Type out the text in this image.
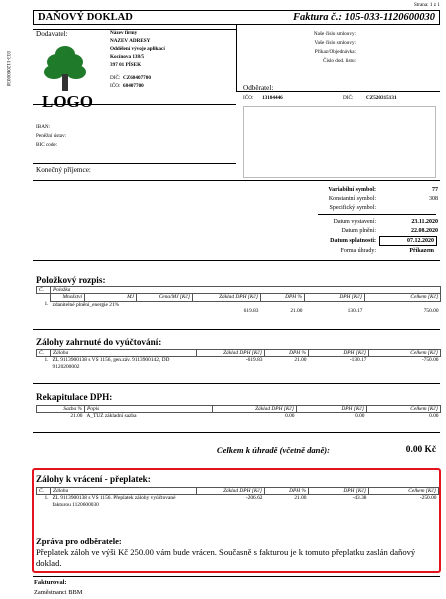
Strana: 1 z 1
033-1120600030
DAŇOVÝ DOKLAD	Faktura č.: 105-033-1120600030
Dodavatel:
LOGO
Název firmy
NAZEV ADRESY
Oddělení vývoje aplikací
Kocínova 138/5
397 01 PÍSEK
DIČ: CZ68407700
IČO: 68407700
Naše číslo smlouvy:
Vaše číslo smlouvy:
Příkaz/Objednávka:
Číslo dod. listu:
Odběratel:
IČO: 13104446	DIČ: CZ520315131
IBAN:
Peněžní ústav:
BIC code:
Konečný příjemce:
Variabilní symbol:	77
Konstantní symbol:	308
Specifický symbol:
Datum vystavení:	23.11.2020
Datum plnění:	22.08.2020
Datum splatnosti:	07.12.2020
Forma úhrady:	Příkazem
Položkový rozpis:
Č.	Položka						
	Množství	MJ	Cena/MJ [Kč]	Základ DPH [Kč]	DPH %	DPH [Kč]	Celkem [Kč]
1.	zdanitelné plnění_energie 21%						
				619.83	21.00	130.17	750.00
Zálohy zahrnuté do vyúčtování:
Č.	Záloha	Základ DPH [Kč]	DPH %	DPH [Kč]	Celkem [Kč]
1.	ZL 9113900138 s VS 1156, gen.záv. 9113900142, DD 9120200002	-619.83	21.00	-130.17	-750.00
Rekapitulace DPH:
Sazba %	Popis	Základ DPH [Kč]	DPH [Kč]	Celkem [Kč]
21.00	A_TUZ základní sazba	0.00	0.00	0.00
Celkem k úhradě (včetně daně):	0.00 Kč
Zálohy k vrácení - přeplatek:
Č.	Záloha	Základ DPH [Kč]	DPH %	DPH [Kč]	Celkem [Kč]
1.	ZL 9113900138 s VS 1156. Přeplatek zálohy vyúčtované fakturou 1120600030	-206.62	21.00	-43.38	-250.00
Zpráva pro odběratele:
Přeplatek záloh ve výši Kč 250.00 vám bude vrácen. Současně s fakturou je k tomuto přeplatku zaslán daňový doklad.
Fakturoval:
Zaměstnanci BBM
